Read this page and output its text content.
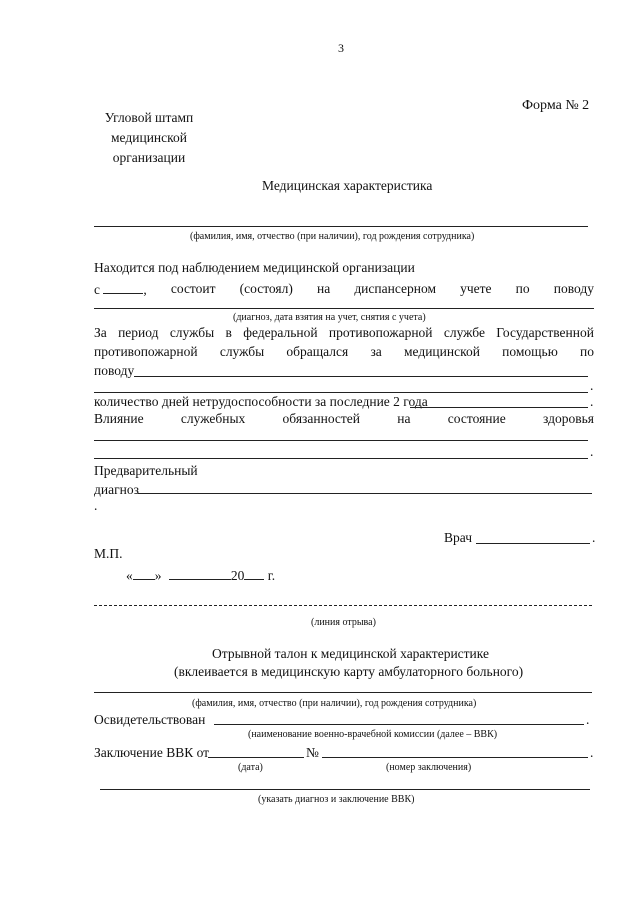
3
Форма № 2
Угловой штамп
медицинской
организации
Медицинская характеристика
(фамилия, имя, отчество (при наличии), год рождения сотрудника)
Находится под наблюдением медицинской организации
с	, состоит (состоял) на диспансерном учете по поводу
(диагноз, дата взятия на учет, снятия с учета)
За период службы в федеральной противопожарной службе Государственной
противопожарной службы обращался за медицинской помощью по
поводу
.
количество дней нетрудоспособности за последние 2 года	.
Влияние	служебных	обязанностей	на	состояние	здоровья
.
Предварительный
диагноз
.
Врач	.
М.П.
« »	20 г.
(линия отрыва)
Отрывной талон к медицинской характеристике
(вклеивается в медицинскую карту амбулаторного больного)
(фамилия, имя, отчество (при наличии), год рождения сотрудника)
Освидетельствован	.
(наименование военно-врачебной комиссии (далее – ВВК)
Заключение ВВК от	№	.
(дата)	(номер заключения)
(указать диагноз и заключение ВВК)
